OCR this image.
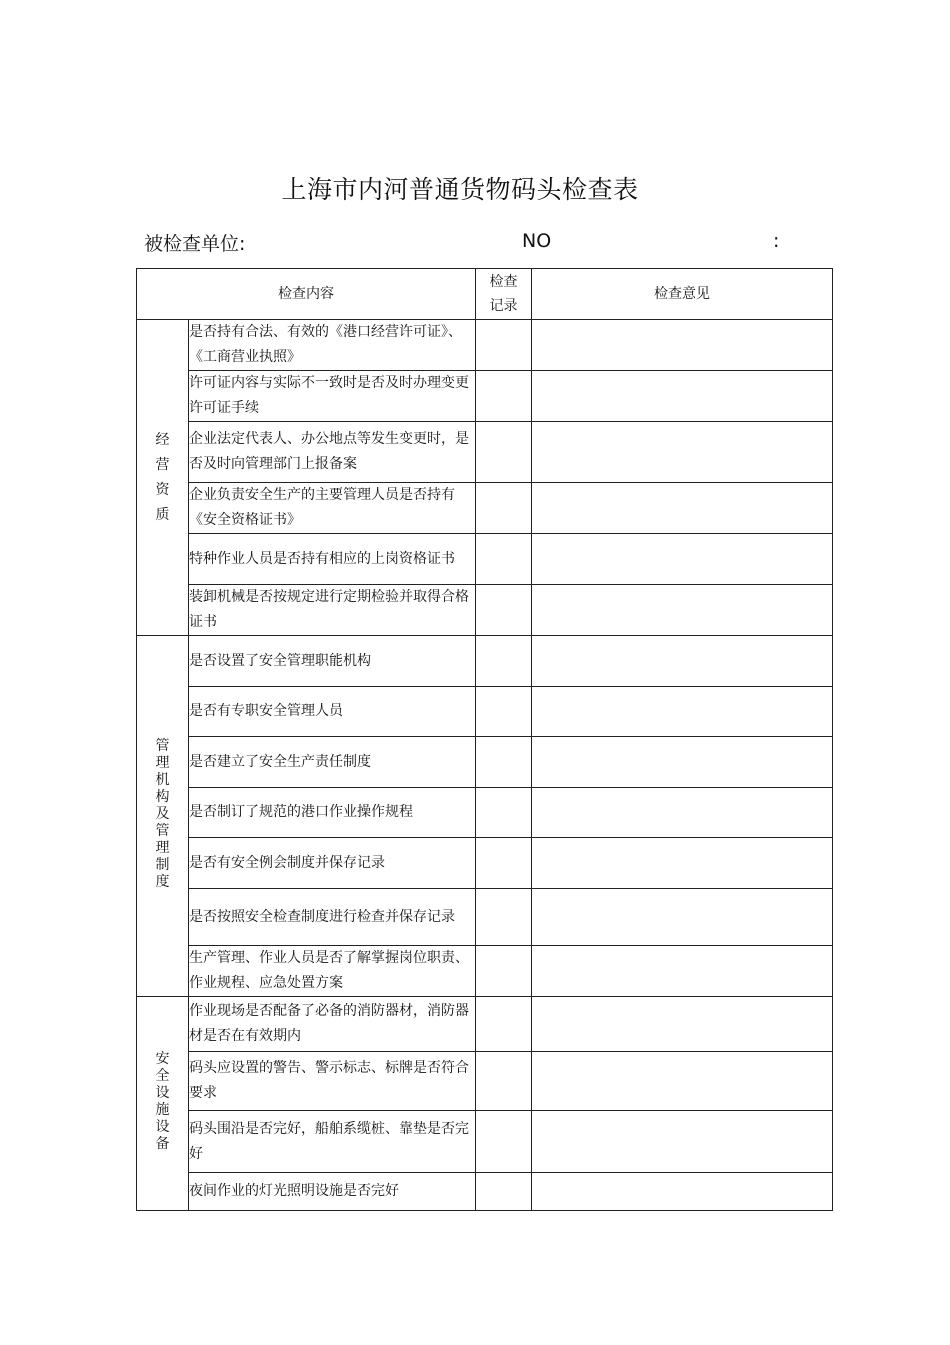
上海市内河普通货物码头检查表
被检查单位:	NO	:
检查内容		检查记录	检查意见
经营资质	是否持有合法、有效的《港口经营许可证》、《工商营业执照》		
	许可证内容与实际不一致时是否及时办理变更许可证手续		
	企业法定代表人、办公地点等发生变更时，是否及时向管理部门上报备案		
	企业负责安全生产的主要管理人员是否持有《安全资格证书》		
	特种作业人员是否持有相应的上岗资格证书		
	装卸机械是否按规定进行定期检验并取得合格证书		
管理机构及管理制度	是否设置了安全管理职能机构		
	是否有专职安全管理人员		
	是否建立了安全生产责任制度		
	是否制订了规范的港口作业操作规程		
	是否有安全例会制度并保存记录		
	是否按照安全检查制度进行检查并保存记录		
	生产管理、作业人员是否了解掌握岗位职责、作业规程、应急处置方案		
安全设施设备	作业现场是否配备了必备的消防器材，消防器材是否在有效期内		
	码头应设置的警告、警示标志、标牌是否符合要求		
	码头围沿是否完好，船舶系缆桩、靠垫是否完好		
	夜间作业的灯光照明设施是否完好		
